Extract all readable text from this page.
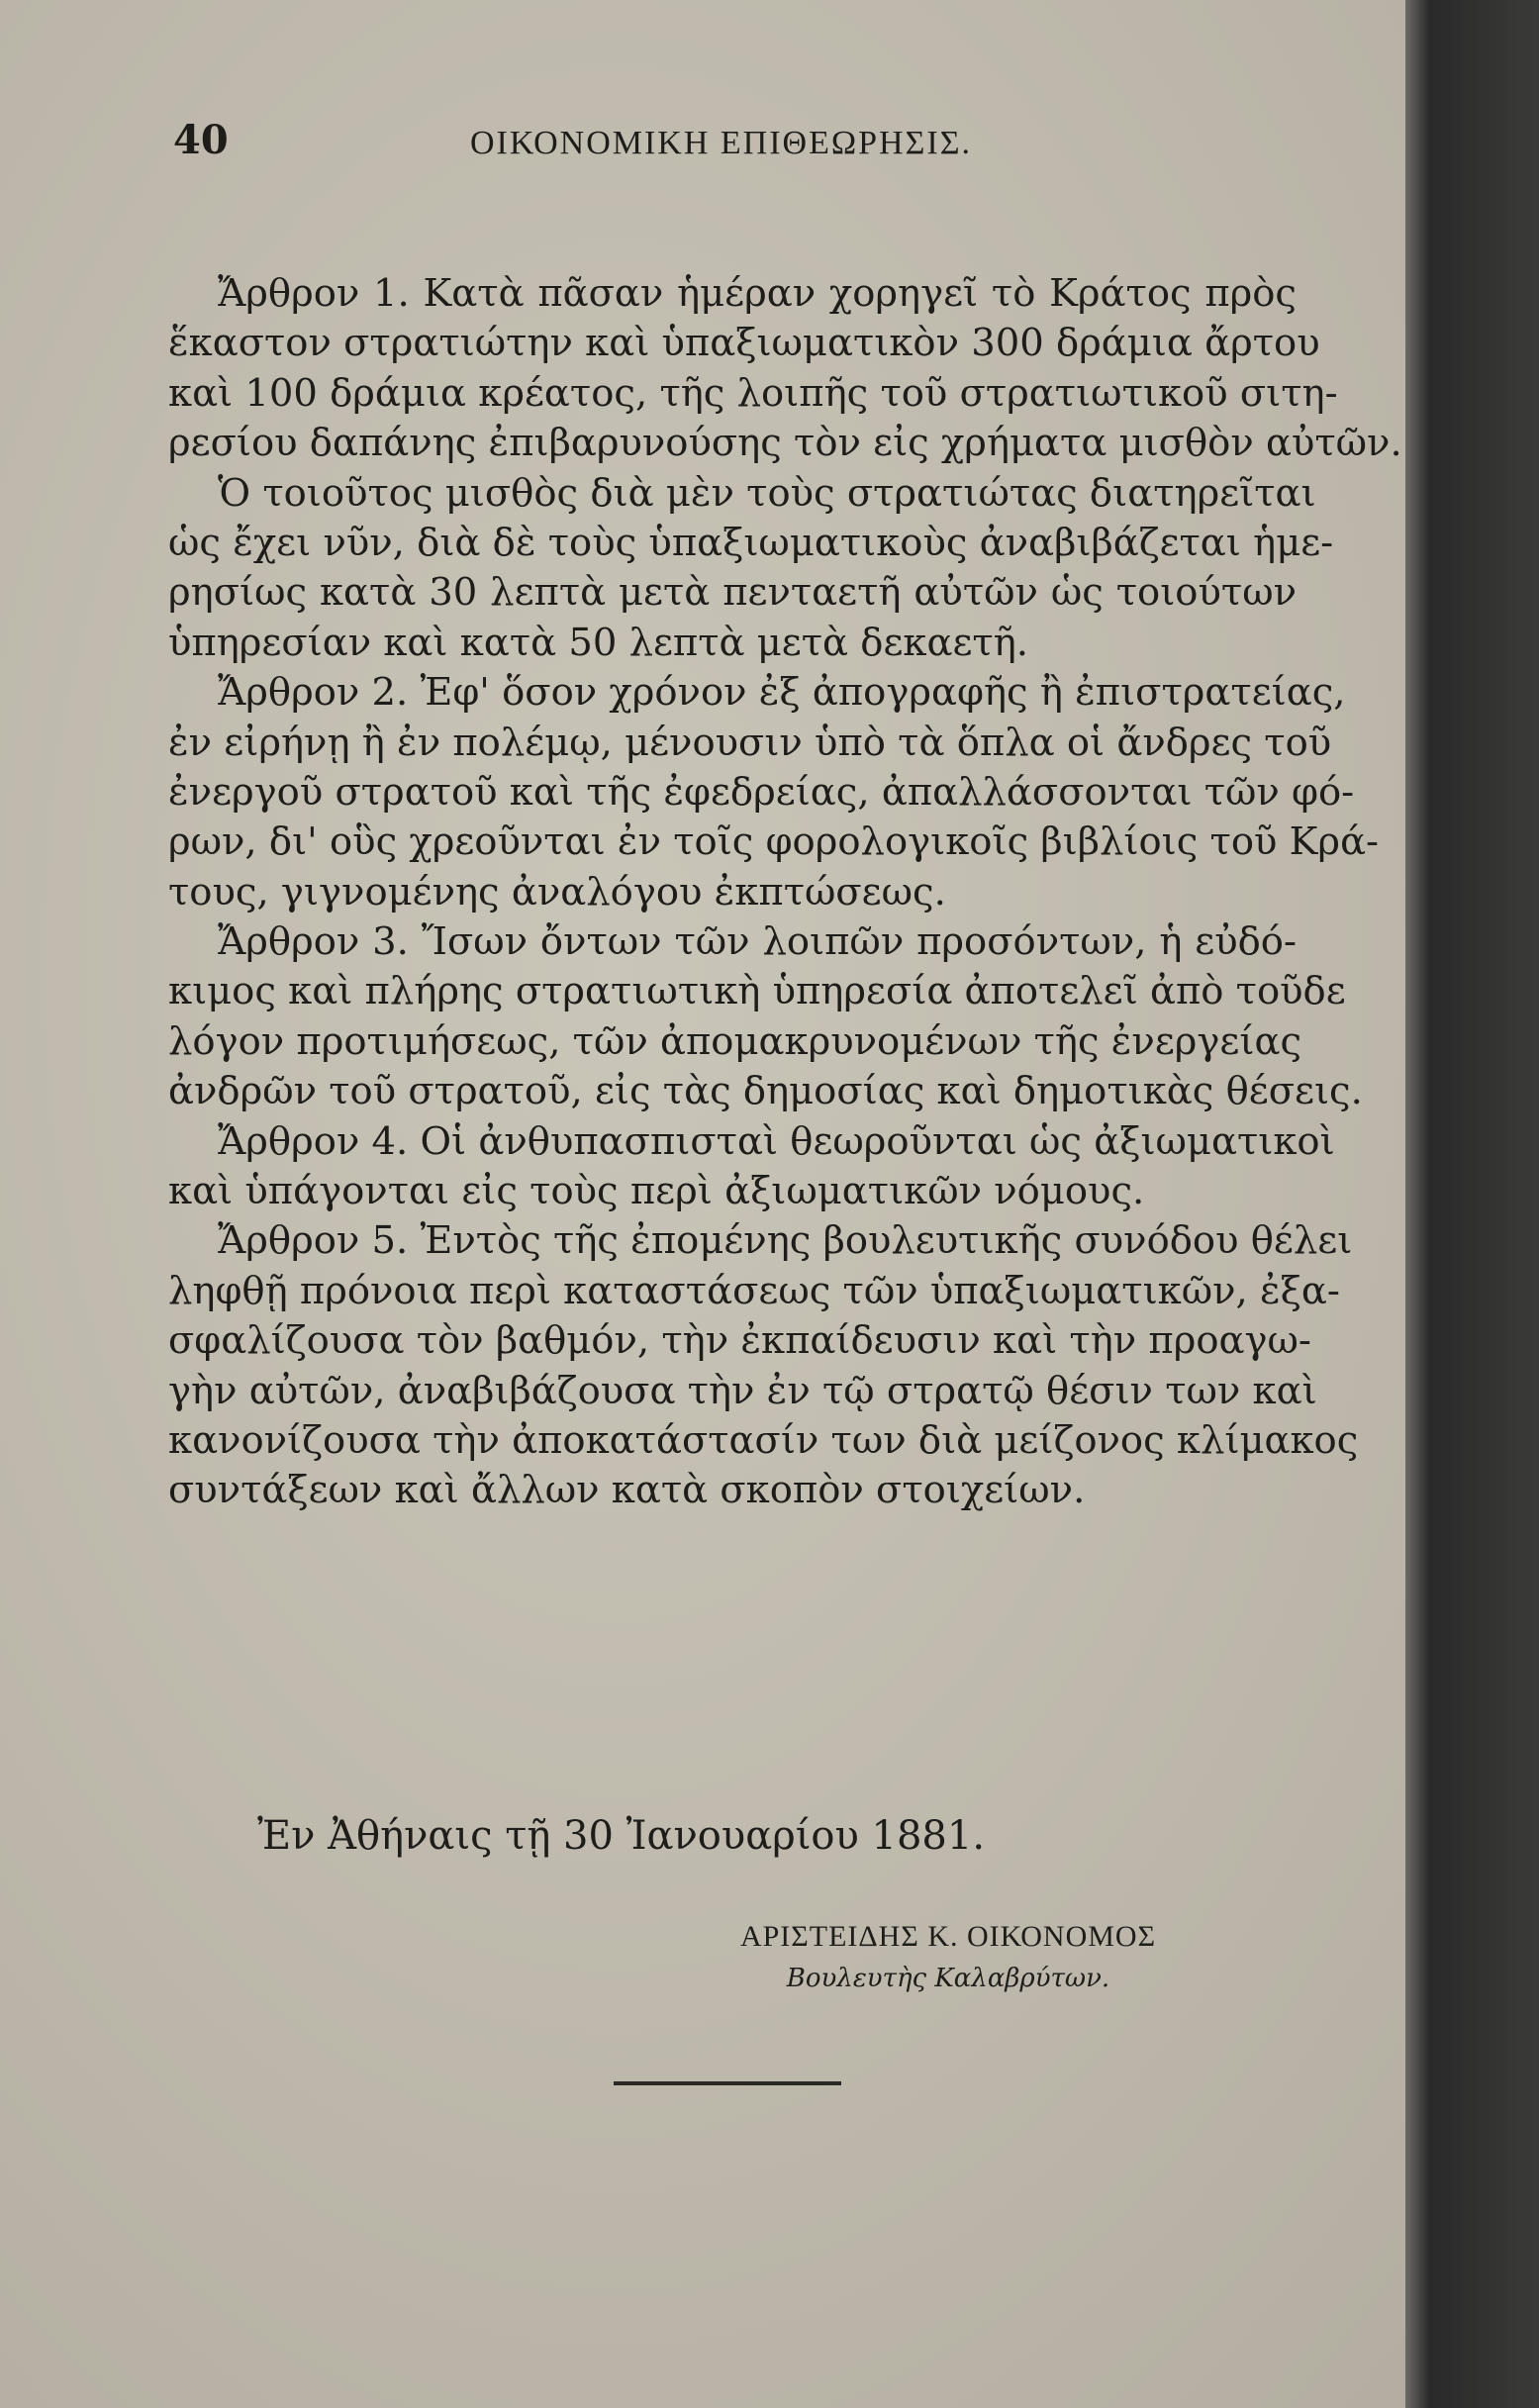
40	ΟΙΚΟΝΟΜΙΚΗ ΕΠΙΘΕΩΡΗΣΙΣ.
Ἄρθρον 1. Κατὰ πᾶσαν ἡμέραν χορηγεῖ τὸ Κράτος πρὸς
ἕκαστον στρατιώτην καὶ ὑπαξιωματικὸν 300 δράμια ἄρτου
καὶ 100 δράμια κρέατος, τῆς λοιπῆς τοῦ στρατιωτικοῦ σιτη-
ρεσίου δαπάνης ἐπιβαρυνούσης τὸν εἰς χρήματα μισθὸν αὐτῶν.
Ὁ τοιοῦτος μισθὸς διὰ μὲν τοὺς στρατιώτας διατηρεῖται
ὡς ἔχει νῦν, διὰ δὲ τοὺς ὑπαξιωματικοὺς ἀναβιβάζεται ἡμε-
ρησίως κατὰ 30 λεπτὰ μετὰ πενταετῆ αὐτῶν ὡς τοιούτων
ὑπηρεσίαν καὶ κατὰ 50 λεπτὰ μετὰ δεκαετῆ.
Ἄρθρον 2. Ἐφ' ὅσον χρόνον ἐξ ἀπογραφῆς ἢ ἐπιστρατείας,
ἐν εἰρήνῃ ἢ ἐν πολέμῳ, μένουσιν ὑπὸ τὰ ὅπλα οἱ ἄνδρες τοῦ
ἐνεργοῦ στρατοῦ καὶ τῆς ἐφεδρείας, ἀπαλλάσσονται τῶν φό-
ρων, δι' οὓς χρεοῦνται ἐν τοῖς φορολογικοῖς βιβλίοις τοῦ Κρά-
τους, γιγνομένης ἀναλόγου ἐκπτώσεως.
Ἄρθρον 3. Ἴσων ὄντων τῶν λοιπῶν προσόντων, ἡ εὐδό-
κιμος καὶ πλήρης στρατιωτικὴ ὑπηρεσία ἀποτελεῖ ἀπὸ τοῦδε
λόγον προτιμήσεως, τῶν ἀπομακρυνομένων τῆς ἐνεργείας
ἀνδρῶν τοῦ στρατοῦ, εἰς τὰς δημοσίας καὶ δημοτικὰς θέσεις.
Ἄρθρον 4. Οἱ ἀνθυπασπισταὶ θεωροῦνται ὡς ἀξιωματικοὶ
καὶ ὑπάγονται εἰς τοὺς περὶ ἀξιωματικῶν νόμους.
Ἄρθρον 5. Ἐντὸς τῆς ἐπομένης βουλευτικῆς συνόδου θέλει
ληφθῇ πρόνοια περὶ καταστάσεως τῶν ὑπαξιωματικῶν, ἐξα-
σφαλίζουσα τὸν βαθμόν, τὴν ἐκπαίδευσιν καὶ τὴν προαγω-
γὴν αὐτῶν, ἀναβιβάζουσα τὴν ἐν τῷ στρατῷ θέσιν των καὶ
κανονίζουσα τὴν ἀποκατάστασίν των διὰ μείζονος κλίμακος
συντάξεων καὶ ἄλλων κατὰ σκοπὸν στοιχείων.
Ἐν Ἀθήναις τῇ 30 Ἰανουαρίου 1881.
ΑΡΙΣΤΕΙΔΗΣ Κ. ΟΙΚΟΝΟΜΟΣ
Βουλευτὴς Καλαβρύτων.
